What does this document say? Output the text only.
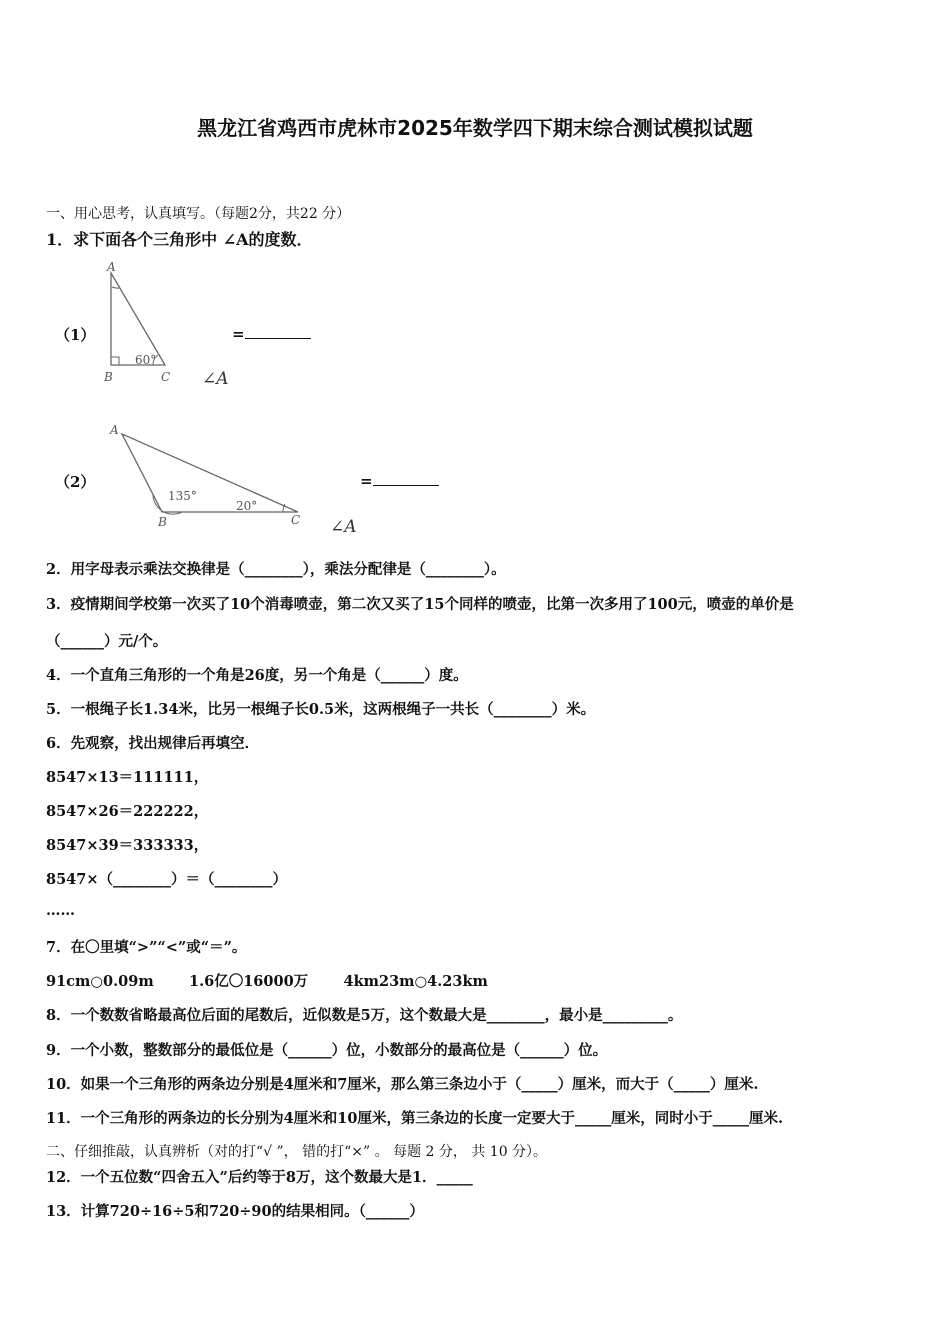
黑龙江省鸡西市虎林市2025年数学四下期末综合测试模拟试题
一、用心思考，认真填写。（每题2分，共22 分）
1．求下面各个三角形中 ∠A的度数．
（1）
A
B	C
60°
=
∠A
（2）
A
B	C
135°
20°
=
∠A
2．用字母表示乘法交换律是（________），乘法分配律是（________）。
3．疫情期间学校第一次买了10个消毒喷壶，第二次又买了15个同样的喷壶，比第一次多用了100元，喷壶的单价是
（______）元/个。
4．一个直角三角形的一个角是26度，另一个角是（______）度。
5．一根绳子长1.34米，比另一根绳子长0.5米，这两根绳子一共长（________）米。
6．先观察，找出规律后再填空．
8547×13＝111111，
8547×26＝222222，
8547×39＝333333，
8547×（________）＝（________）
……
7．在〇里填“>”“<”或“＝”。
91cm○0.09m       1.6亿〇16000万       4km23m○4.23km
8．一个数数省略最高位后面的尾数后，近似数是5万，这个数最大是________，最小是_________。
9．一个小数，整数部分的最低位是（______）位，小数部分的最高位是（______）位。
10．如果一个三角形的两条边分别是4厘米和7厘米，那么第三条边小于（_____）厘米，而大于（_____）厘米.
11．一个三角形的两条边的长分别为4厘米和10厘米，第三条边的长度一定要大于_____厘米，同时小于_____厘米.
二、仔细推敲，认真辨析（对的打“√ ”， 错的打“×” 。 每题 2 分， 共 10 分）。
12．一个五位数“四舍五入”后约等于8万，这个数最大是1．_____
13．计算720÷16÷5和720÷90的结果相同。（______）
